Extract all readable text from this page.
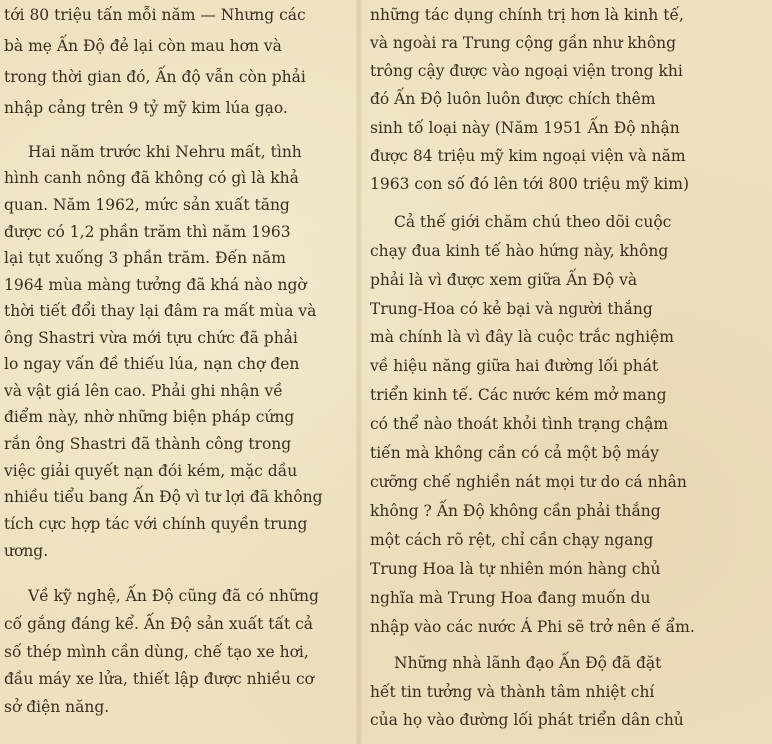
tới 80 triệu tấn mỗi năm — Nhưng các
bà mẹ Ấn Độ đẻ lại còn mau hơn và
trong thời gian đó, Ấn độ vẫn còn phải
nhập cảng trên 9 tỷ mỹ kim lúa gạo.
Hai năm trước khi Nehru mất, tình
hình canh nông đã không có gì là khả
quan. Năm 1962, mức sản xuất tăng
được có 1,2 phần trăm thì năm 1963
lại tụt xuống 3 phần trăm. Đến năm
1964 mùa màng tưởng đã khá nào ngờ
thời tiết đổi thay lại đâm ra mất mùa và
ông Shastri vừa mới tựu chức đã phải
lo ngay vấn đề thiếu lúa, nạn chợ đen
và vật giá lên cao. Phải ghi nhận về
điểm này, nhờ những biện pháp cứng
rắn ông Shastri đã thành công trong
việc giải quyết nạn đói kém, mặc dầu
nhiều tiểu bang Ấn Độ vì tư lợi đã không
tích cực hợp tác với chính quyền trung
ương.
Về kỹ nghệ, Ấn Độ cũng đã có những
cố gắng đáng kể. Ấn Độ sản xuất tất cả
số thép mình cần dùng, chế tạo xe hơi,
đầu máy xe lửa, thiết lập được nhiều cơ
sở điện năng.
những tác dụng chính trị hơn là kinh tế,
và ngoài ra Trung cộng gần như không
trông cậy được vào ngoại viện trong khi
đó Ấn Độ luôn luôn được chích thêm
sinh tố loại này (Năm 1951 Ấn Độ nhận
được 84 triệu mỹ kim ngoại viện và năm
1963 con số đó lên tới 800 triệu mỹ kim)
Cả thế giới chăm chú theo dõi cuộc
chạy đua kinh tế hào hứng này, không
phải là vì được xem giữa Ấn Độ và
Trung-Hoa có kẻ bại và người thắng
mà chính là vì đây là cuộc trắc nghiệm
về hiệu năng giữa hai đường lối phát
triển kinh tế. Các nước kém mở mang
có thể nào thoát khỏi tình trạng chậm
tiến mà không cần có cả một bộ máy
cưỡng chế nghiền nát mọi tư do cá nhân
không ? Ấn Độ không cần phải thắng
một cách rõ rệt, chỉ cần chạy ngang
Trung Hoa là tự nhiên món hàng chủ
nghĩa mà Trung Hoa đang muốn du
nhập vào các nước Á Phi sẽ trở nên ế ẩm.
Những nhà lãnh đạo Ấn Độ đã đặt
hết tin tưởng và thành tâm nhiệt chí
của họ vào đường lối phát triển dân chủ
